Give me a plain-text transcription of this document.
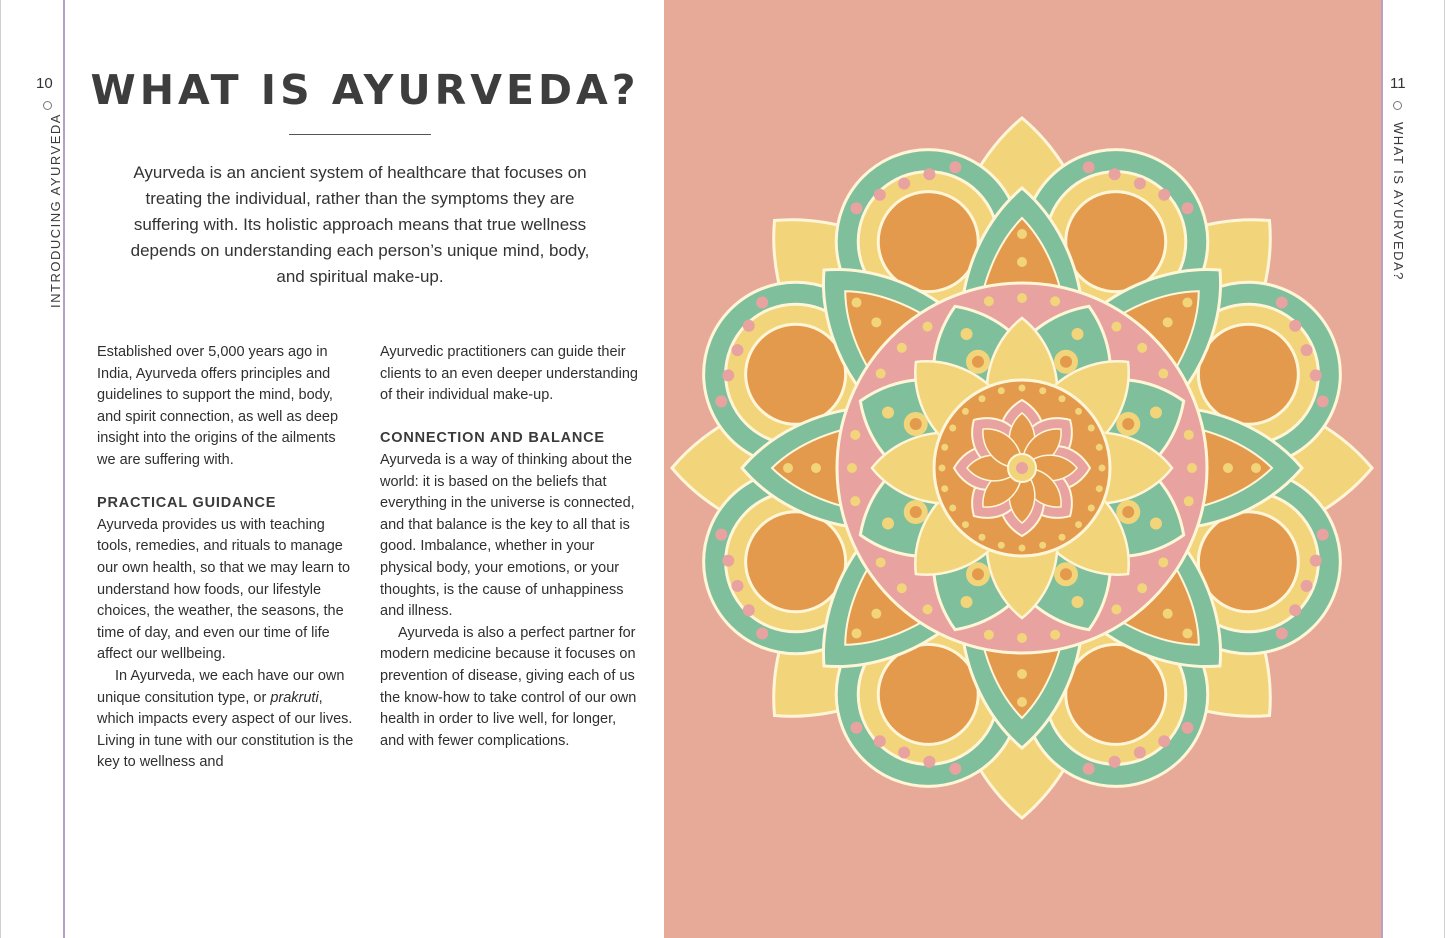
10
INTRODUCING AYURVEDA
WHAT IS AYURVEDA?
Ayurveda is an ancient system of healthcare that focuses on treating the individual, rather than the symptoms they are suffering with. Its holistic approach means that true wellness depends on understanding each person’s unique mind, body, and spiritual make-up.

Established over 5,000 years ago in India, Ayurveda offers principles and guidelines to support the mind, body, and spirit connection, as well as deep insight into the origins of the ailments we are suffering with.

PRACTICAL GUIDANCE

Ayurveda provides us with teaching tools, remedies, and rituals to manage our own health, so that we may learn to understand how foods, our lifestyle choices, the weather, the seasons, the time of day, and even our time of life affect our wellbeing.

In Ayurveda, we each have our own unique consitution type, or prakruti, which impacts every aspect of our lives. Living in tune with our constitution is the key to wellness and

Ayurvedic practitioners can guide their clients to an even deeper understanding of their individual make-up.

CONNECTION AND BALANCE

Ayurveda is a way of thinking about the world: it is based on the beliefs that everything in the universe is connected, and that balance is the key to all that is good. Imbalance, whether in your physical body, your emotions, or your thoughts, is the cause of unhappiness and illness.

Ayurveda is also a perfect partner for modern medicine because it focuses on prevention of disease, giving each of us the know-how to take control of our own health in order to live well, for longer, and with fewer complications.

11
WHAT IS AYURVEDA?
